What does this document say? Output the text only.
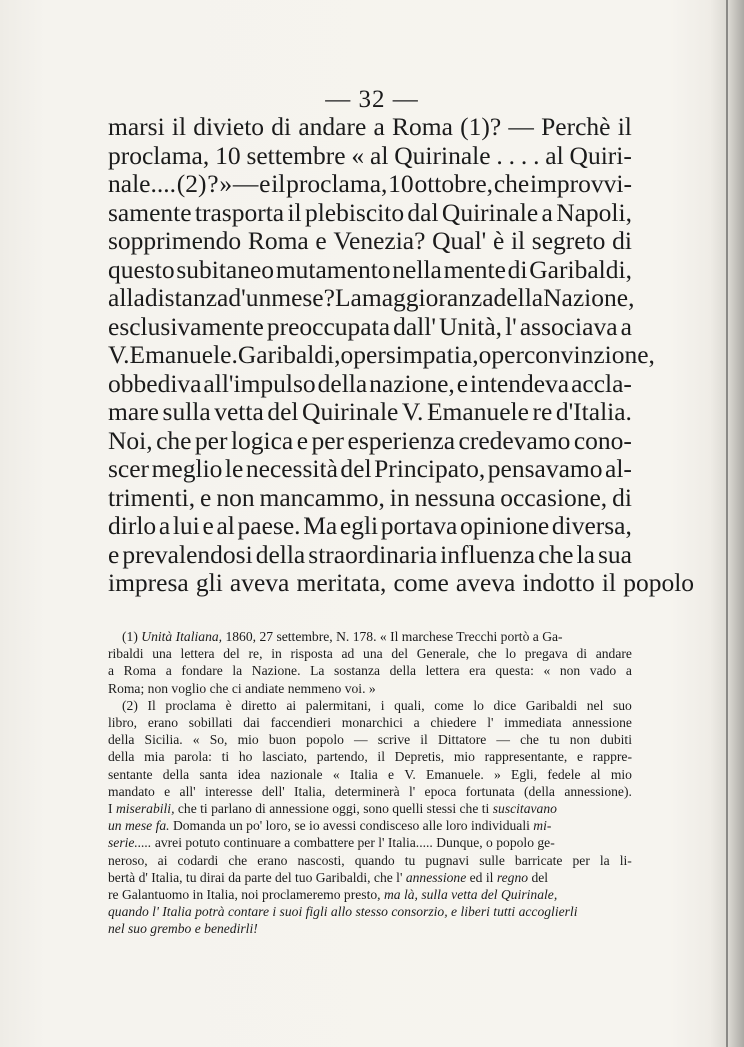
— 32 —
marsi il divieto di andare a Roma (1)? — Perchè il
proclama, 10 settembre « al Quirinale . . . . al Quiri-
nale.... (2) ? » — e il proclama, 10 ottobre, che improvvi-
samente trasporta il plebiscito dal Quirinale a Napoli,
sopprimendo Roma e Venezia? Qual' è il segreto di
questo subitaneo mutamento nella mente di Garibaldi,
alla distanza d'un mese? La maggioranza della Nazione,
esclusivamente preoccupata dall' Unità, l' associava a
V. Emanuele. Garibaldi, o per simpatia, o per convinzione,
obbediva all'impulso della nazione, e intendeva accla-
mare sulla vetta del Quirinale V. Emanuele re d'Italia.
Noi, che per logica e per esperienza credevamo cono-
scer meglio le necessità del Principato, pensavamo al-
trimenti, e non mancammo, in nessuna occasione, di
dirlo a lui e al paese. Ma egli portava opinione diversa,
e prevalendosi della straordinaria influenza che la sua
impresa gli aveva meritata, come aveva indotto il popolo
(1) Unità Italiana, 1860, 27 settembre, N. 178. « Il marchese Trecchi portò a Ga-
ribaldi una lettera del re, in risposta ad una del Generale, che lo pregava di andare
a Roma a fondare la Nazione. La sostanza della lettera era questa: « non vado a
Roma; non voglio che ci andiate nemmeno voi. »
(2) Il proclama è diretto ai palermitani, i quali, come lo dice Garibaldi nel suo
libro, erano sobillati dai faccendieri monarchici a chiedere l' immediata annessione
della Sicilia. « So, mio buon popolo — scrive il Dittatore — che tu non dubiti
della mia parola: ti ho lasciato, partendo, il Depretis, mio rappresentante, e rappre-
sentante della santa idea nazionale « Italia e V. Emanuele. » Egli, fedele al mio
mandato e all' interesse dell' Italia, determinerà l' epoca fortunata (della annessione).
I miserabili, che ti parlano di annessione oggi, sono quelli stessi che ti suscitavano
un mese fa. Domanda un po' loro, se io avessi condisceso alle loro individuali mi-
serie..... avrei potuto continuare a combattere per l' Italia..... Dunque, o popolo ge-
neroso, ai codardi che erano nascosti, quando tu pugnavi sulle barricate per la li-
bertà d' Italia, tu dirai da parte del tuo Garibaldi, che l' annessione ed il regno del
re Galantuomo in Italia, noi proclameremo presto, ma là, sulla vetta del Quirinale,
quando l' Italia potrà contare i suoi figli allo stesso consorzio, e liberi tutti accoglierli
nel suo grembo e benedirli!
